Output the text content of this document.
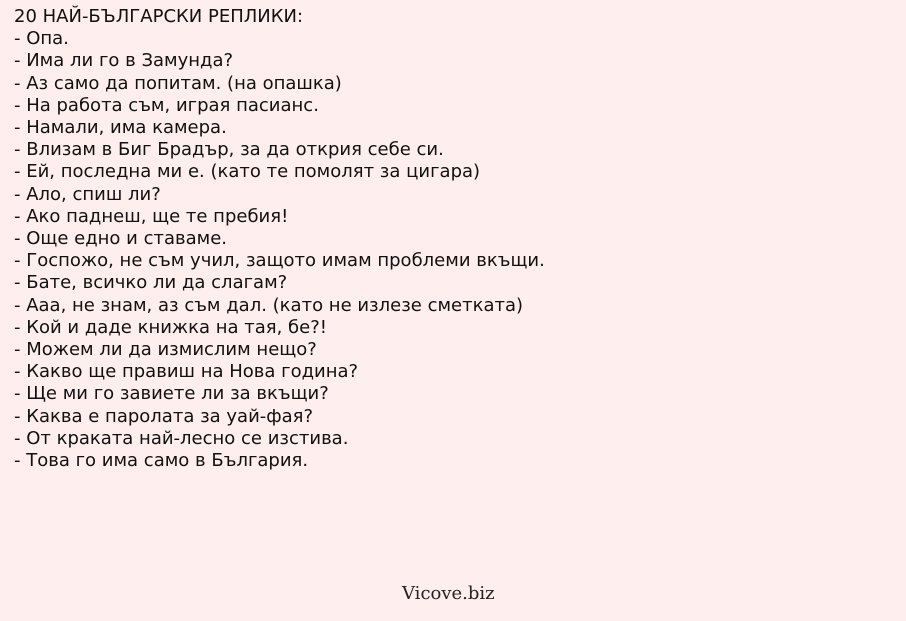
20 НАЙ-БЪЛГАРСКИ РЕПЛИКИ:
- Опа.
- Има ли го в Замунда?
- Аз само да попитам. (на опашка)
- На работа съм, играя пасианс.
- Намали, има камера.
- Влизам в Биг Брадър, за да открия себе си.
- Ей, последна ми е. (като те помолят за цигара)
- Ало, спиш ли?
- Ако паднеш, ще те пребия!
- Още едно и ставаме.
- Госпожо, не съм учил, защото имам проблеми вкъщи.
- Бате, всичко ли да слагам?
- Ааа, не знам, аз съм дал. (като не излезе сметката)
- Кой и даде книжка на тая, бе?!
- Можем ли да измислим нещо?
- Какво ще правиш на Нова година?
- Ще ми го завиете ли за вкъщи?
- Каква е паролата за уай-фая?
- От краката най-лесно се изстива.
- Това го има само в България.
Vicove.biz
